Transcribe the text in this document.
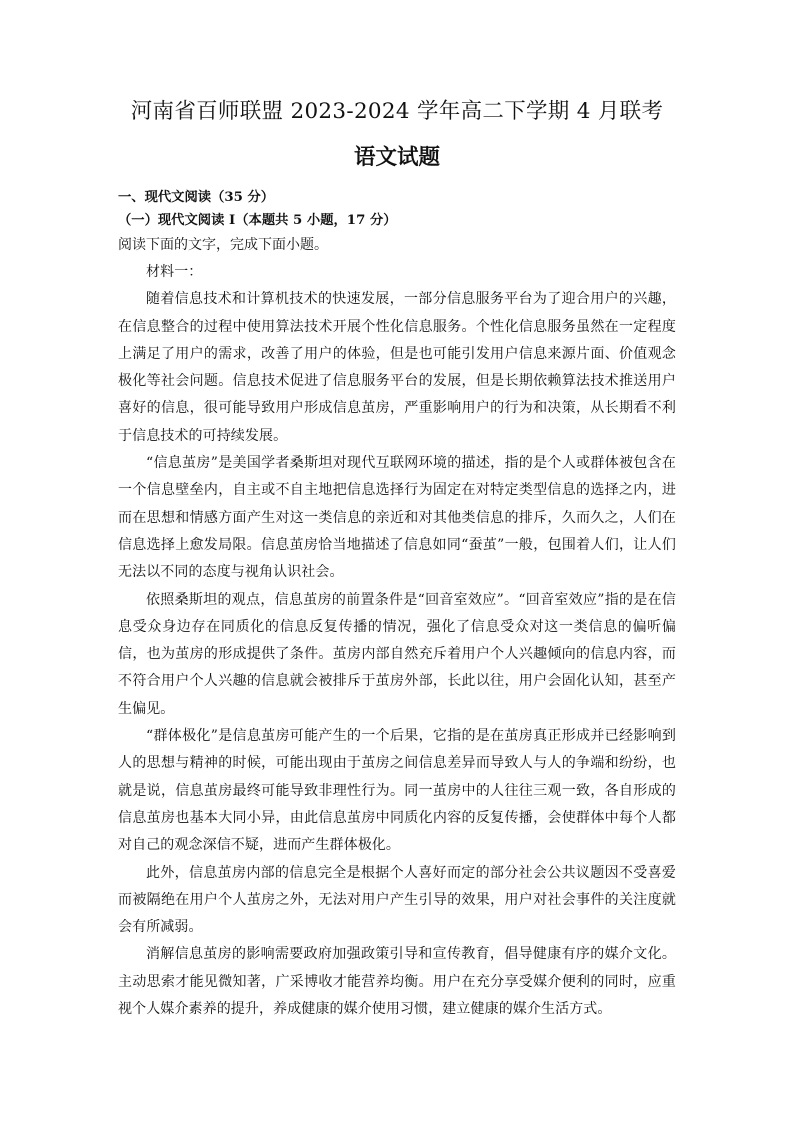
河南省百师联盟 2023-2024 学年高二下学期 4 月联考
语文试题

一、现代文阅读（35 分）

（一）现代文阅读 I（本题共 5 小题，17 分）

阅读下面的文字，完成下面小题。

材料一：

随着信息技术和计算机技术的快速发展，一部分信息服务平台为了迎合用户的兴趣，在信息整合的过程中使用算法技术开展个性化信息服务。个性化信息服务虽然在一定程度上满足了用户的需求，改善了用户的体验，但是也可能引发用户信息来源片面、价值观念极化等社会问题。信息技术促进了信息服务平台的发展，但是长期依赖算法技术推送用户喜好的信息，很可能导致用户形成信息茧房，严重影响用户的行为和决策，从长期看不利于信息技术的可持续发展。

“信息茧房”是美国学者桑斯坦对现代互联网环境的描述，指的是个人或群体被包含在一个信息壁垒内，自主或不自主地把信息选择行为固定在对特定类型信息的选择之内，进而在思想和情感方面产生对这一类信息的亲近和对其他类信息的排斥，久而久之，人们在信息选择上愈发局限。信息茧房恰当地描述了信息如同“蚕茧”一般，包围着人们，让人们无法以不同的态度与视角认识社会。

依照桑斯坦的观点，信息茧房的前置条件是“回音室效应”。“回音室效应”指的是在信息受众身边存在同质化的信息反复传播的情况，强化了信息受众对这一类信息的偏听偏信，也为茧房的形成提供了条件。茧房内部自然充斥着用户个人兴趣倾向的信息内容，而不符合用户个人兴趣的信息就会被排斥于茧房外部，长此以往，用户会固化认知，甚至产生偏见。

“群体极化”是信息茧房可能产生的一个后果，它指的是在茧房真正形成并已经影响到人的思想与精神的时候，可能出现由于茧房之间信息差异而导致人与人的争端和纷纷，也就是说，信息茧房最终可能导致非理性行为。同一茧房中的人往往三观一致，各自形成的信息茧房也基本大同小异，由此信息茧房中同质化内容的反复传播，会使群体中每个人都对自己的观念深信不疑，进而产生群体极化。

此外，信息茧房内部的信息完全是根据个人喜好而定的部分社会公共议题因不受喜爱而被隔绝在用户个人茧房之外，无法对用户产生引导的效果，用户对社会事件的关注度就会有所减弱。

消解信息茧房的影响需要政府加强政策引导和宣传教育，倡导健康有序的媒介文化。主动思索才能见微知著，广采博收才能营养均衡。用户在充分享受媒介便利的同时，应重视个人媒介素养的提升，养成健康的媒介使用习惯，建立健康的媒介生活方式。
